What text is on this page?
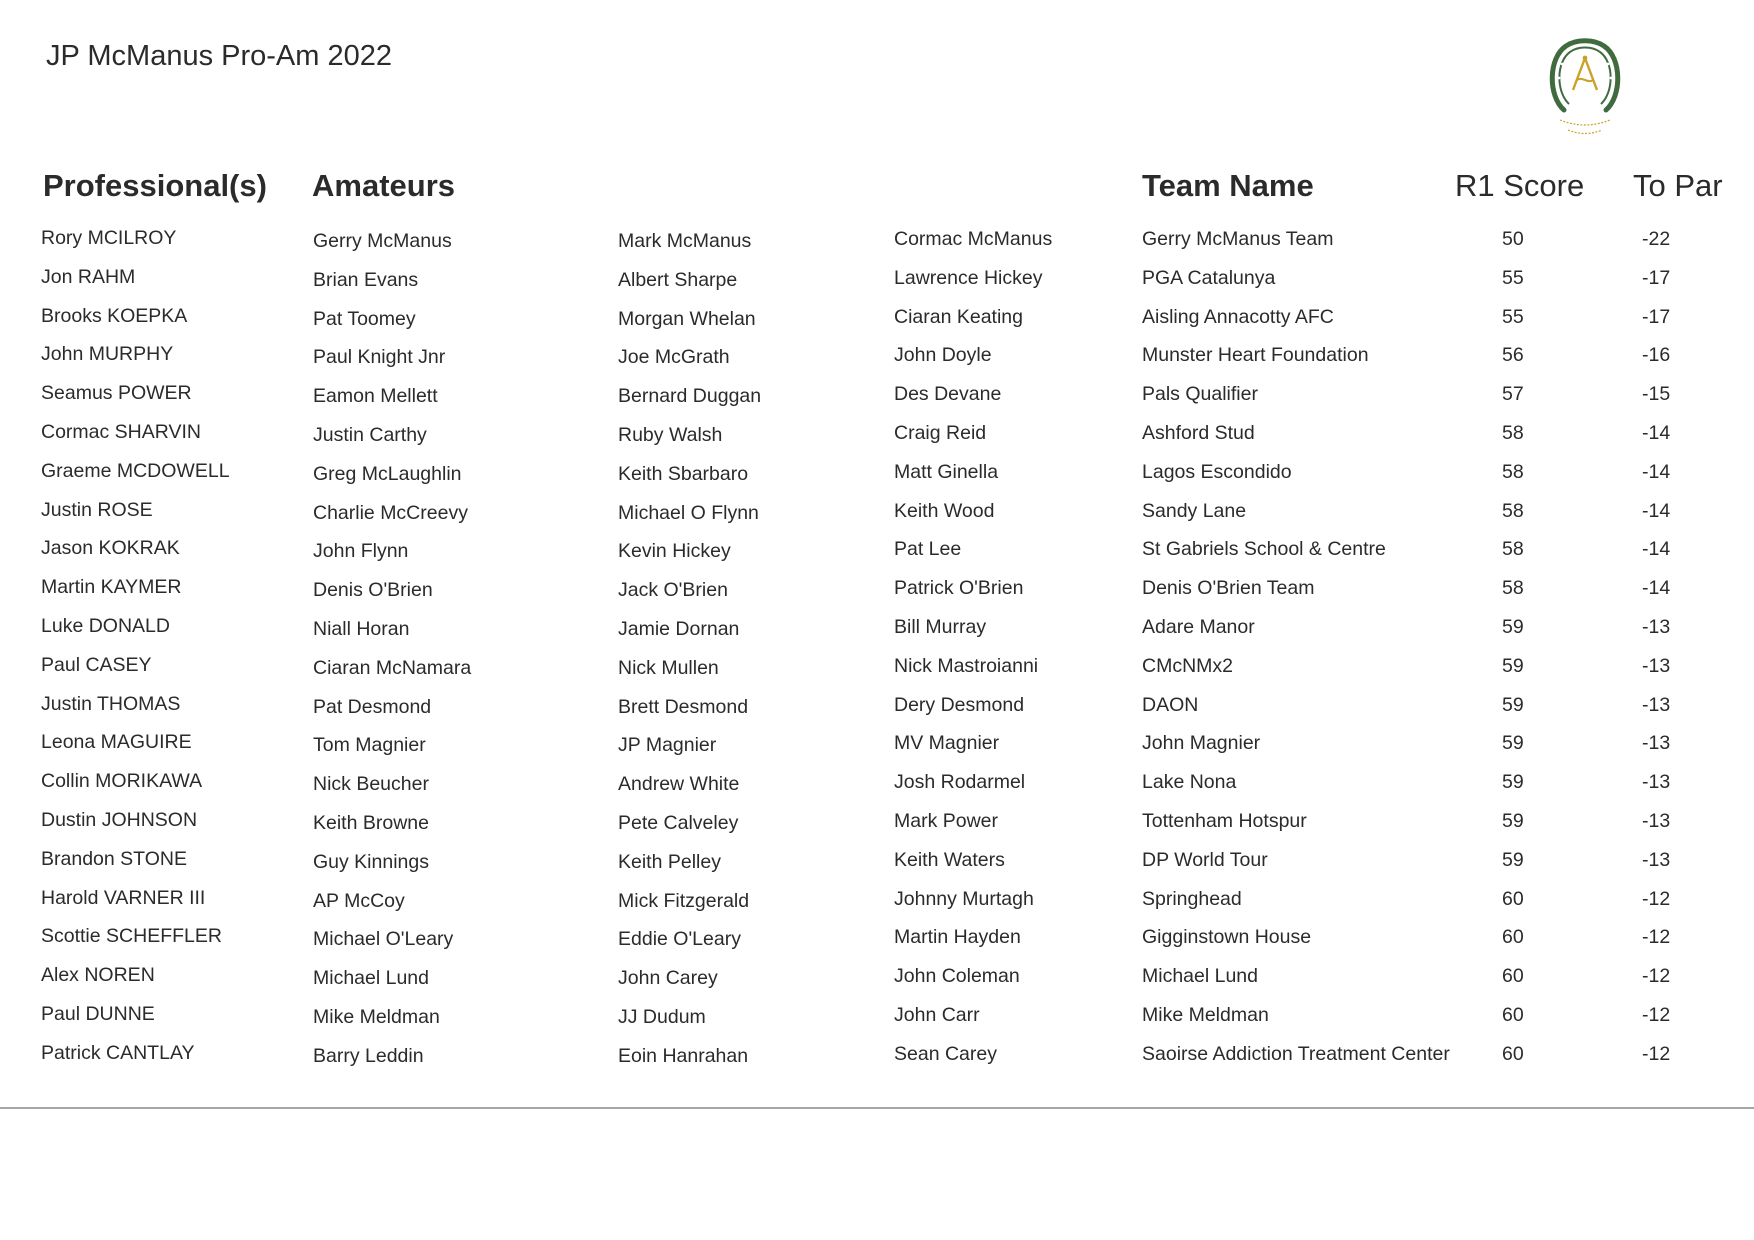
JP McManus Pro-Am 2022
Professional(s) Amateurs	Team Name	R1 Score To Par
Rory MCILROY	Gerry McManus	Mark McManus	Cormac McManus	Gerry McManus Team	50	-22
Jon RAHM	Brian Evans	Albert Sharpe	Lawrence Hickey	PGA Catalunya	55	-17
Brooks KOEPKA	Pat Toomey	Morgan Whelan	Ciaran Keating	Aisling Annacotty AFC	55	-17
John MURPHY	Paul Knight Jnr	Joe McGrath	John Doyle	Munster Heart Foundation	56	-16
Seamus POWER	Eamon Mellett	Bernard Duggan	Des Devane	Pals Qualifier	57	-15
Cormac SHARVIN	Justin Carthy	Ruby Walsh	Craig Reid	Ashford Stud	58	-14
Graeme MCDOWELL	Greg McLaughlin	Keith Sbarbaro	Matt Ginella	Lagos Escondido	58	-14
Justin ROSE	Charlie McCreevy	Michael O Flynn	Keith Wood	Sandy Lane	58	-14
Jason KOKRAK	John Flynn	Kevin Hickey	Pat Lee	St Gabriels School & Centre	58	-14
Martin KAYMER	Denis O'Brien	Jack O'Brien	Patrick O'Brien	Denis O'Brien Team	58	-14
Luke DONALD	Niall Horan	Jamie Dornan	Bill Murray	Adare Manor	59	-13
Paul CASEY	Ciaran McNamara	Nick Mullen	Nick Mastroianni	CMcNMx2	59	-13
Justin THOMAS	Pat Desmond	Brett Desmond	Dery Desmond	DAON	59	-13
Leona MAGUIRE	Tom Magnier	JP Magnier	MV Magnier	John Magnier	59	-13
Collin MORIKAWA	Nick Beucher	Andrew White	Josh Rodarmel	Lake Nona	59	-13
Dustin JOHNSON	Keith Browne	Pete Calveley	Mark Power	Tottenham Hotspur	59	-13
Brandon STONE	Guy Kinnings	Keith Pelley	Keith Waters	DP World Tour	59	-13
Harold VARNER III	AP McCoy	Mick Fitzgerald	Johnny Murtagh	Springhead	60	-12
Scottie SCHEFFLER	Michael O'Leary	Eddie O'Leary	Martin Hayden	Gigginstown House	60	-12
Alex NOREN	Michael Lund	John Carey	John Coleman	Michael Lund	60	-12
Paul DUNNE	Mike Meldman	JJ Dudum	John Carr	Mike Meldman	60	-12
Patrick CANTLAY	Barry Leddin	Eoin Hanrahan	Sean Carey	Saoirse Addiction Treatment Center	60	-12
